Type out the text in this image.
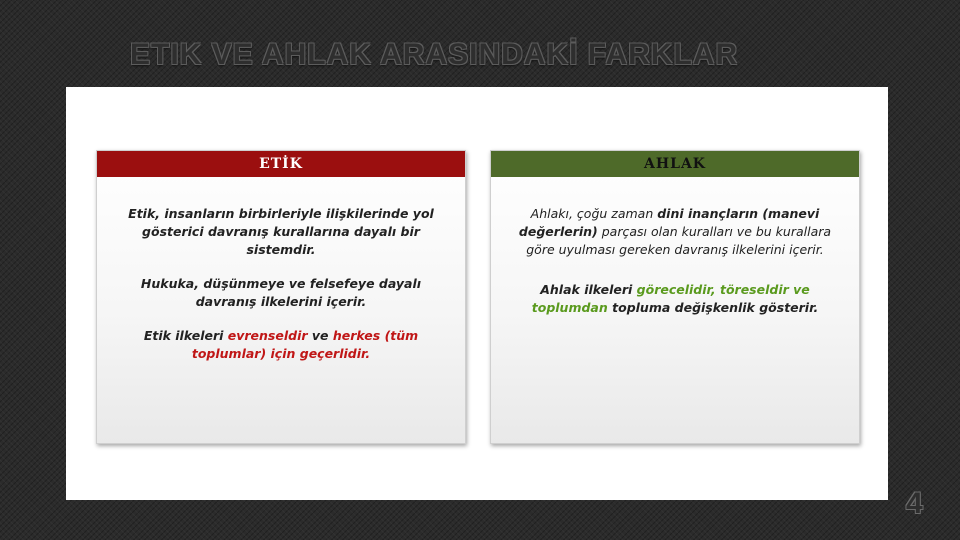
ETIK VE AHLAK ARASINDAKİ FARKLAR
ETİK

Etik, insanların birbirleriyle ilişkilerinde yol gösterici davranış kurallarına dayalı bir sistemdir.

Hukuka, düşünmeye ve felsefeye dayalı davranış ilkelerini içerir.

Etik ilkeleri evrenseldir ve herkes (tüm toplumlar) için geçerlidir.

AHLAK

Ahlakı, çoğu zaman dini inançların (manevi değerlerin) parçası olan kuralları ve bu kurallara göre uyulması gereken davranış ilkelerini içerir.

Ahlak ilkeleri görecelidir, töreseldir ve toplumdan topluma değişkenlik gösterir.

4
